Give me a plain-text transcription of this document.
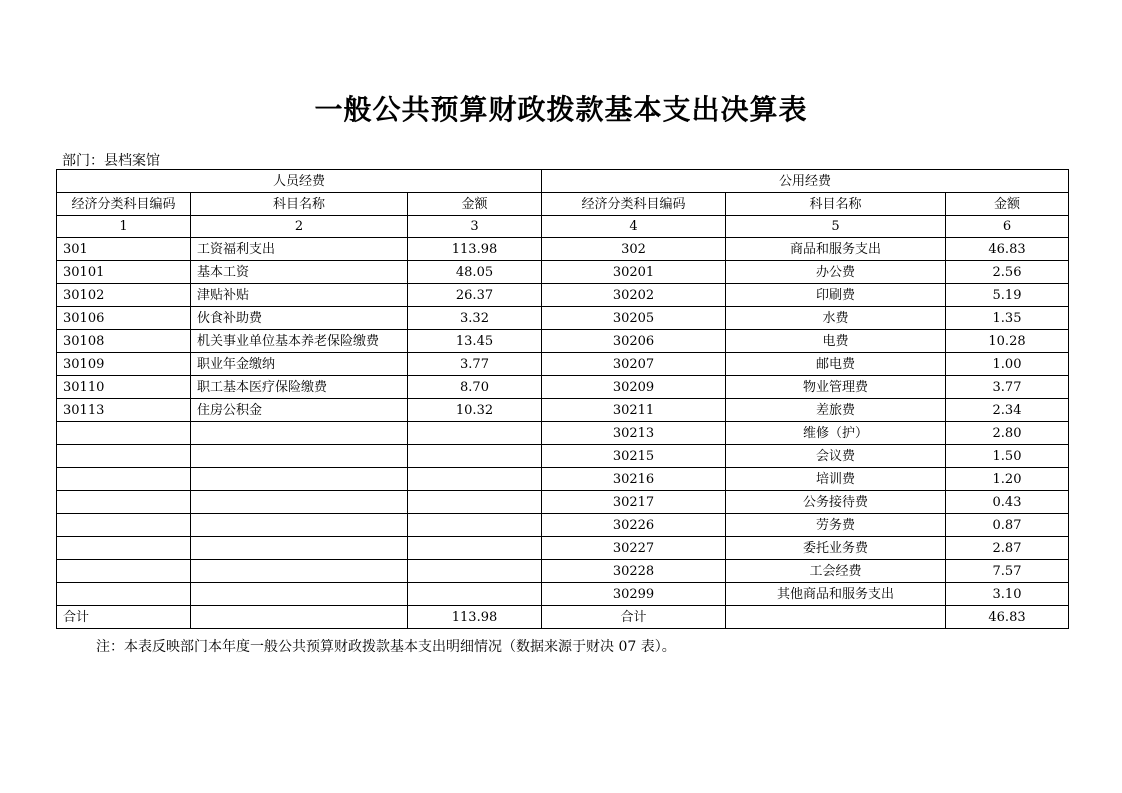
一般公共预算财政拨款基本支出决算表
部门：县档案馆
人员经费			公用经费		
经济分类科目编码	科目名称	金额	经济分类科目编码	科目名称	金额
1	2	3	4	5	6
301	工资福利支出	113.98	302	商品和服务支出	46.83
30101	基本工资	48.05	30201	办公费	2.56
30102	津贴补贴	26.37	30202	印刷费	5.19
30106	伙食补助费	3.32	30205	水费	1.35
30108	机关事业单位基本养老保险缴费	13.45	30206	电费	10.28
30109	职业年金缴纳	3.77	30207	邮电费	1.00
30110	职工基本医疗保险缴费	8.70	30209	物业管理费	3.77
30113	住房公积金	10.32	30211	差旅费	2.34
			30213	维修（护）	2.80
			30215	会议费	1.50
			30216	培训费	1.20
			30217	公务接待费	0.43
			30226	劳务费	0.87
			30227	委托业务费	2.87
			30228	工会经费	7.57
			30299	其他商品和服务支出	3.10
合计		113.98	合计		46.83
注：本表反映部门本年度一般公共预算财政拨款基本支出明细情况（数据来源于财决 07 表）。
